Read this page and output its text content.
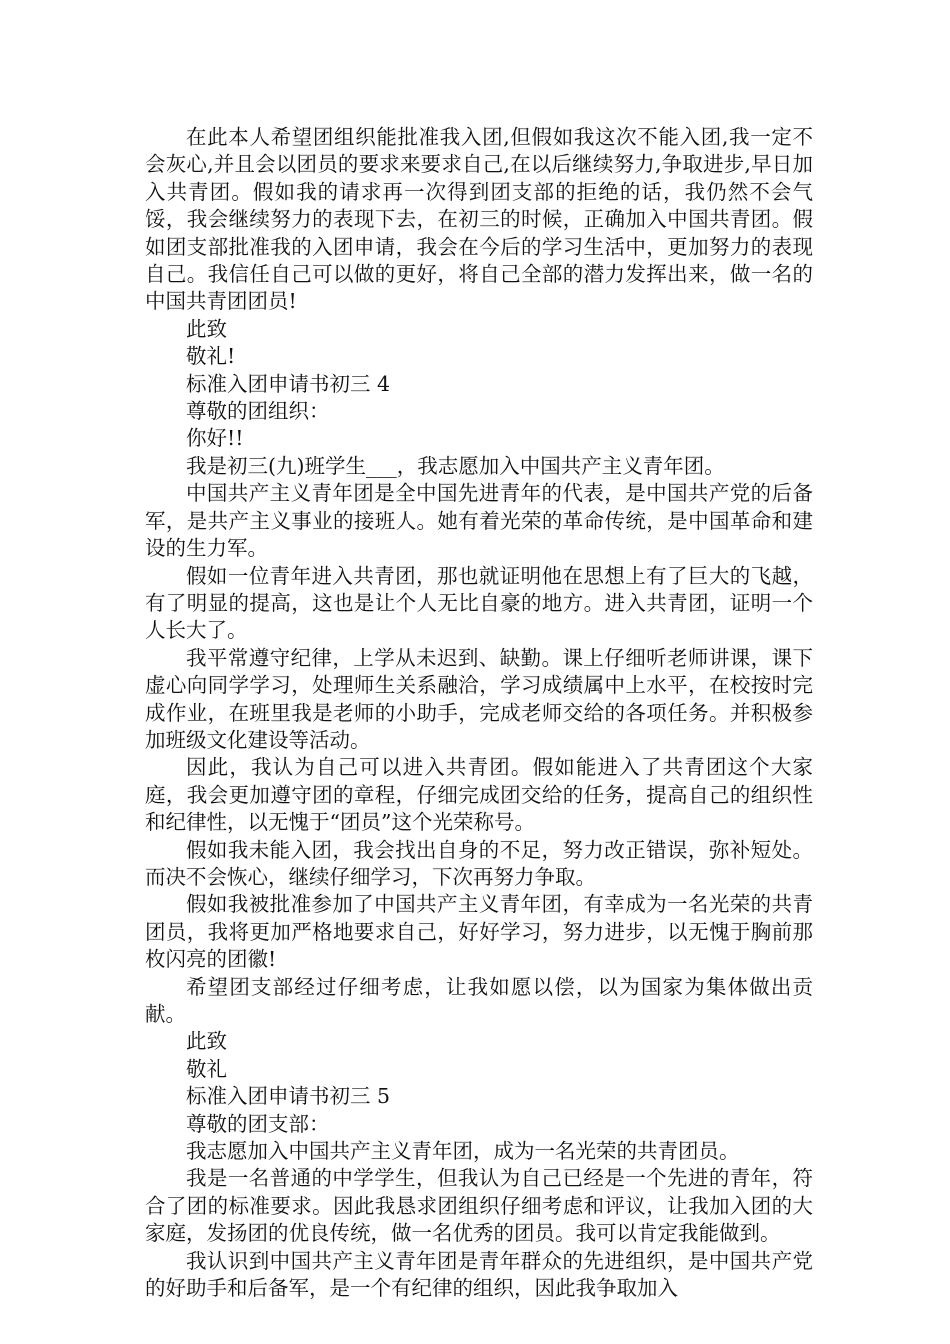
在此本人希望团组织能批准我入团,但假如我这次不能入团,我一定不会灰心,并且会以团员的要求来要求自己,在以后继续努力,争取进步,早日加入共青团。假如我的请求再一次得到团支部的拒绝的话，我仍然不会气馁，我会继续努力的表现下去，在初三的时候，正确加入中国共青团。假如团支部批准我的入团申请，我会在今后的学习生活中，更加努力的表现自己。我信任自己可以做的更好，将自己全部的潜力发挥出来，做一名的中国共青团团员!

此致

敬礼!

标准入团申请书初三 4

尊敬的团组织：

你好!!

我是初三(九)班学生___，我志愿加入中国共产主义青年团。

中国共产主义青年团是全中国先进青年的代表，是中国共产党的后备军，是共产主义事业的接班人。她有着光荣的革命传统，是中国革命和建设的生力军。

假如一位青年进入共青团，那也就证明他在思想上有了巨大的飞越，有了明显的提高，这也是让个人无比自豪的地方。进入共青团，证明一个人长大了。

我平常遵守纪律，上学从未迟到、缺勤。课上仔细听老师讲课，课下虚心向同学学习，处理师生关系融洽，学习成绩属中上水平，在校按时完成作业，在班里我是老师的小助手，完成老师交给的各项任务。并积极参加班级文化建设等活动。

因此，我认为自己可以进入共青团。假如能进入了共青团这个大家庭，我会更加遵守团的章程，仔细完成团交给的任务，提高自己的组织性和纪律性，以无愧于“团员”这个光荣称号。

假如我未能入团，我会找出自身的不足，努力改正错误，弥补短处。而决不会恢心，继续仔细学习，下次再努力争取。

假如我被批准参加了中国共产主义青年团，有幸成为一名光荣的共青团员，我将更加严格地要求自己，好好学习，努力进步，以无愧于胸前那枚闪亮的团徽!

希望团支部经过仔细考虑，让我如愿以偿，以为国家为集体做出贡献。

此致

敬礼

标准入团申请书初三 5

尊敬的团支部：

我志愿加入中国共产主义青年团，成为一名光荣的共青团员。

我是一名普通的中学学生，但我认为自己已经是一个先进的青年，符合了团的标准要求。因此我恳求团组织仔细考虑和评议，让我加入团的大家庭，发扬团的优良传统，做一名优秀的团员。我可以肯定我能做到。

我认识到中国共产主义青年团是青年群众的先进组织，是中国共产党的好助手和后备军，是一个有纪律的组织，因此我争取加入
